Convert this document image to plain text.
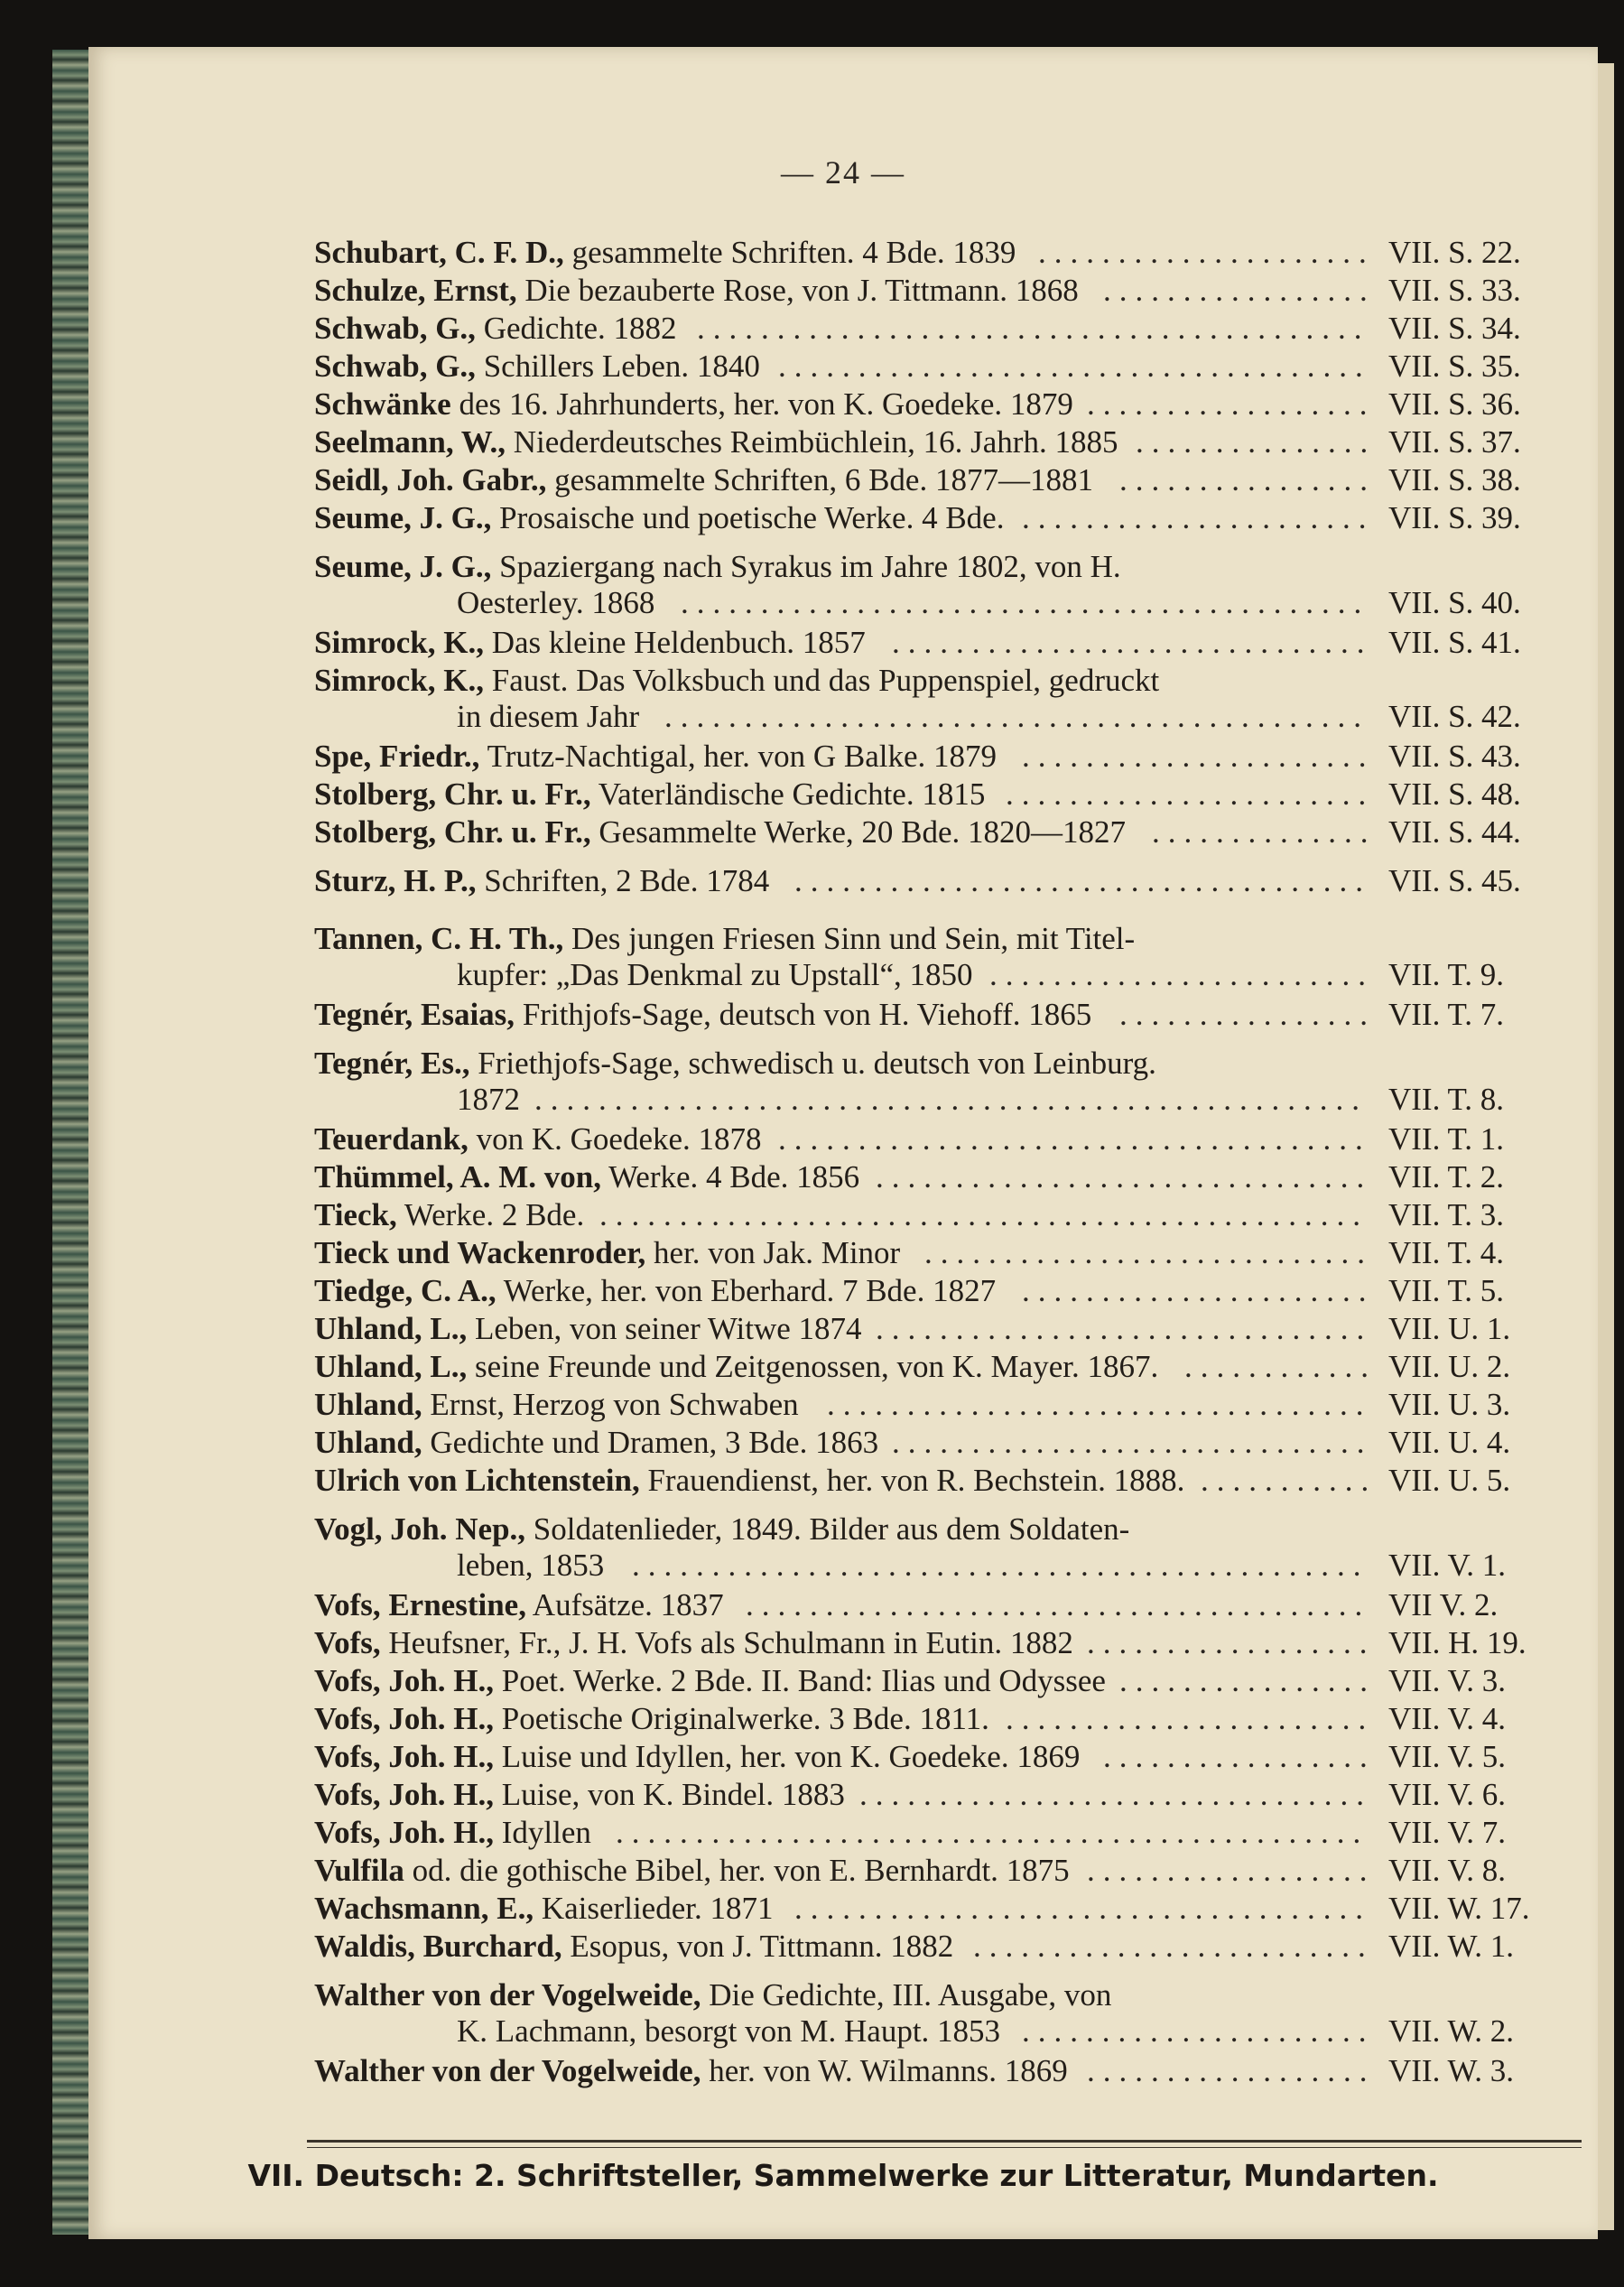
— 24 —
Schubart, C. F. D., gesammelte Schriften. 4 Bde. 1839	VII. S. 22.
.....................
Schulze, Ernst, Die bezauberte Rose, von J. Tittmann. 1868	VII. S. 33.
.................
Schwab, G., Gedichte. 1882	VII. S. 34.
..........................................
Schwab, G., Schillers Leben. 1840	VII. S. 35.
.....................................
Schwänke des 16. Jahrhunderts, her. von K. Goedeke. 1879	VII. S. 36.
..................
Seelmann, W., Niederdeutsches Reimbüchlein, 16. Jahrh. 1885	VII. S. 37.
...............
Seidl, Joh. Gabr., gesammelte Schriften, 6 Bde. 1877—1881	VII. S. 38.
................
Seume, J. G., Prosaische und poetische Werke. 4 Bde.	VII. S. 39.
......................
Seume, J. G., Spaziergang nach Syrakus im Jahre 1802, von H.
Oesterley. 1868	VII. S. 40.
...........................................
Simrock, K., Das kleine Heldenbuch. 1857	VII. S. 41.
..............................
Simrock, K., Faust. Das Volksbuch und das Puppenspiel, gedruckt
in diesem Jahr	VII. S. 42.
............................................
Spe, Friedr., Trutz-Nachtigal, her. von G Balke. 1879	VII. S. 43.
......................
Stolberg, Chr. u. Fr., Vaterländische Gedichte. 1815	VII. S. 48.
.......................
Stolberg, Chr. u. Fr., Gesammelte Werke, 20 Bde. 1820—1827	VII. S. 44.
..............
Sturz, H. P., Schriften, 2 Bde. 1784	VII. S. 45.
....................................
Tannen, C. H. Th., Des jungen Friesen Sinn und Sein, mit Titel-
kupfer: „Das Denkmal zu Upstall“, 1850	VII. T. 9.
........................
Tegnér, Esaias, Frithjofs-Sage, deutsch von H. Viehoff. 1865	VII. T. 7.
................
Tegnér, Es., Friethjofs-Sage, schwedisch u. deutsch von Leinburg.
1872	VII. T. 8.
....................................................
Teuerdank, von K. Goedeke. 1878	VII. T. 1.
.....................................
Thümmel, A. M. von, Werke. 4 Bde. 1856	VII. T. 2.
...............................
Tieck, Werke. 2 Bde.	VII. T. 3.
................................................
Tieck und Wackenroder, her. von Jak. Minor	VII. T. 4.
............................
Tiedge, C. A., Werke, her. von Eberhard. 7 Bde. 1827	VII. T. 5.
......................
Uhland, L., Leben, von seiner Witwe 1874	VII. U. 1.
...............................
Uhland, L., seine Freunde und Zeitgenossen, von K. Mayer. 1867.	VII. U. 2.
............
Uhland, Ernst, Herzog von Schwaben	VII. U. 3.
..................................
Uhland, Gedichte und Dramen, 3 Bde. 1863	VII. U. 4.
..............................
Ulrich von Lichtenstein, Frauendienst, her. von R. Bechstein. 1888.	VII. U. 5.
...........
Vogl, Joh. Nep., Soldatenlieder, 1849. Bilder aus dem Soldaten-
leben, 1853	VII. V. 1.
..............................................
Vofs, Ernestine, Aufsätze. 1837	VII V. 2.
.......................................
Vofs, Heufsner, Fr., J. H. Vofs als Schulmann in Eutin. 1882	VII. H. 19.
..................
Vofs, Joh. H., Poet. Werke. 2 Bde. II. Band: Ilias und Odyssee	VII. V. 3.
................
Vofs, Joh. H., Poetische Originalwerke. 3 Bde. 1811.	VII. V. 4.
.......................
Vofs, Joh. H., Luise und Idyllen, her. von K. Goedeke. 1869	VII. V. 5.
.................
Vofs, Joh. H., Luise, von K. Bindel. 1883	VII. V. 6.
................................
Vofs, Joh. H., Idyllen	VII. V. 7.
...............................................
Vulfila od. die gothische Bibel, her. von E. Bernhardt. 1875	VII. V. 8.
..................
Wachsmann, E., Kaiserlieder. 1871	VII. W. 17.
....................................
Waldis, Burchard, Esopus, von J. Tittmann. 1882	VII. W. 1.
.........................
Walther von der Vogelweide, Die Gedichte, III. Ausgabe, von
K. Lachmann, besorgt von M. Haupt. 1853	VII. W. 2.
......................
Walther von der Vogelweide, her. von W. Wilmanns. 1869	VII. W. 3.
..................
VII. Deutsch: 2. Schriftsteller, Sammelwerke zur Litteratur, Mundarten.
